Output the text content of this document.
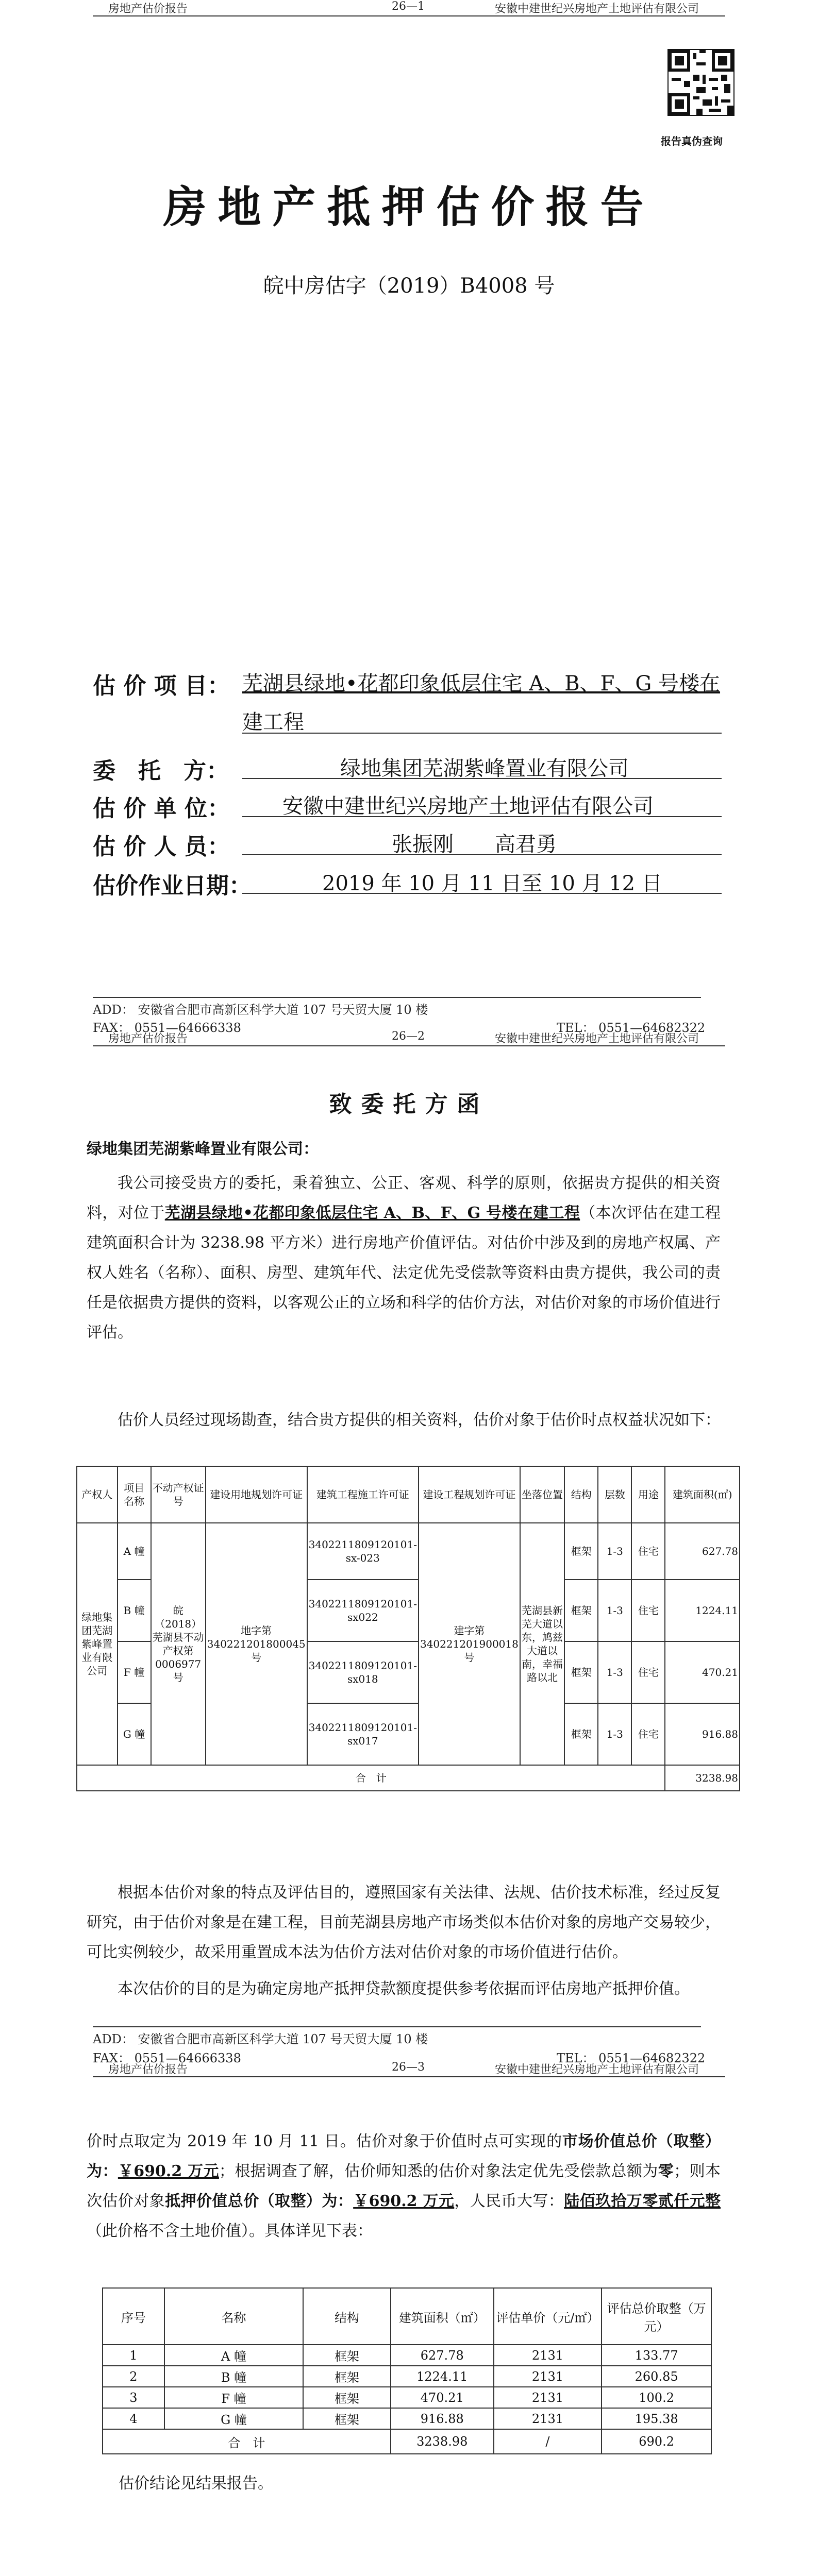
房地产估价报告	26—1	安徽中建世纪兴房地产土地评估有限公司
报告真伪查询
房地产抵押估价报告
皖中房估字（2019）B4008 号
估 价 项 目： 芜湖县绿地•花都印象低层住宅 A、B、F、G 号楼在
建工程
委　托　方：	绿地集团芜湖紫峰置业有限公司
估 价 单 位：	安徽中建世纪兴房地产土地评估有限公司
估 价 人 员：	张振刚　　高君勇
估价作业日期：	2019 年 10 月 11 日至 10 月 12 日
ADD： 安徽省合肥市高新区科学大道 107 号天贸大厦 10 楼
FAX： 0551—64666338	TEL： 0551—64682322
房地产估价报告	26—2	安徽中建世纪兴房地产土地评估有限公司
致委托方函
绿地集团芜湖紫峰置业有限公司：
我公司接受贵方的委托，秉着独立、公正、客观、科学的原则，依据贵方提供的相关资料，对位于芜湖县绿地•花都印象低层住宅 A、B、F、G 号楼在建工程（本次评估在建工程建筑面积合计为 3238.98 平方米）进行房地产价值评估。对估价中涉及到的房地产权属、产权人姓名（名称）、面积、房型、建筑年代、法定优先受偿款等资料由贵方提供，我公司的责任是依据贵方提供的资料，以客观公正的立场和科学的估价方法，对估价对象的市场价值进行评估。
估价人员经过现场勘查，结合贵方提供的相关资料，估价对象于估价时点权益状况如下：
产权人	项目名称	不动产权证号	建设用地规划许可证	建筑工程施工许可证	建设工程规划许可证	坐落位置	结构	层数	用途	建筑面积(㎡)
绿地集团芜湖紫峰置业有限公司	A 幢	皖（2018）芜湖县不动产权第0006977号	地字第340221201800045号	3402211809120101-sx-023	建字第340221201900018号	芜湖县新芜大道以东，鸠兹大道以南，幸福路以北	框架	1-3	住宅	627.78
	B 幢			3402211809120101-sx022			框架	1-3	住宅	1224.11
	F 幢			3402211809120101-sx018			框架	1-3	住宅	470.21
	G 幢			3402211809120101-sx017			框架	1-3	住宅	916.88
合　计										3238.98
根据本估价对象的特点及评估目的，遵照国家有关法律、法规、估价技术标准，经过反复研究，由于估价对象是在建工程，目前芜湖县房地产市场类似本估价对象的房地产交易较少，可比实例较少，故采用重置成本法为估价方法对估价对象的市场价值进行估价。
本次估价的目的是为确定房地产抵押贷款额度提供参考依据而评估房地产抵押价值。
ADD： 安徽省合肥市高新区科学大道 107 号天贸大厦 10 楼
FAX： 0551—64666338	TEL： 0551—64682322
房地产估价报告	26—3	安徽中建世纪兴房地产土地评估有限公司
价时点取定为 2019 年 10 月 11 日。估价对象于价值时点可实现的市场价值总价（取整）为：￥690.2 万元；根据调查了解，估价师知悉的估价对象法定优先受偿款总额为零；则本次估价对象抵押价值总价（取整）为：￥690.2 万元，人民币大写：陆佰玖拾万零贰仟元整（此价格不含土地价值）。具体详见下表：
序号	名称	结构	建筑面积（㎡）	评估单价（元/㎡）	评估总价取整（万元）
1	A 幢	框架	627.78	2131	133.77
2	B 幢	框架	1224.11	2131	260.85
3	F 幢	框架	470.21	2131	100.2
4	G 幢	框架	916.88	2131	195.38
合　计			3238.98	/	690.2
估价结论见结果报告。
